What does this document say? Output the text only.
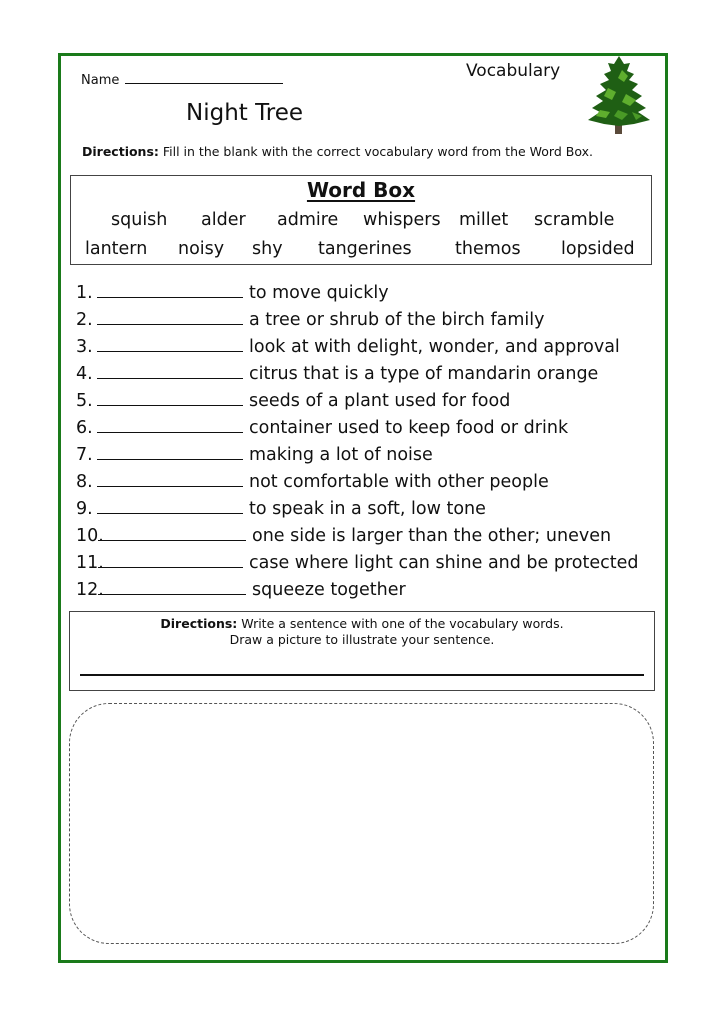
Name	Vocabulary
Night Tree
Directions: Fill in the blank with the correct vocabulary word from the Word Box.
Word Box
squish alder admire whispers millet scramble
lantern noisy shy tangerines themos lopsided
1.	to move quickly
2.	a tree or shrub of the birch family
3.	look at with delight, wonder, and approval
4.	citrus that is a type of mandarin orange
5.	seeds of a plant used for food
6.	container used to keep food or drink
7.	making a lot of noise
8.	not comfortable with other people
9.	to speak in a soft, low tone
10.	one side is larger than the other; uneven
11.	case where light can shine and be protected
12.	squeeze together
Directions: Write a sentence with one of the vocabulary words.
Draw a picture to illustrate your sentence.
